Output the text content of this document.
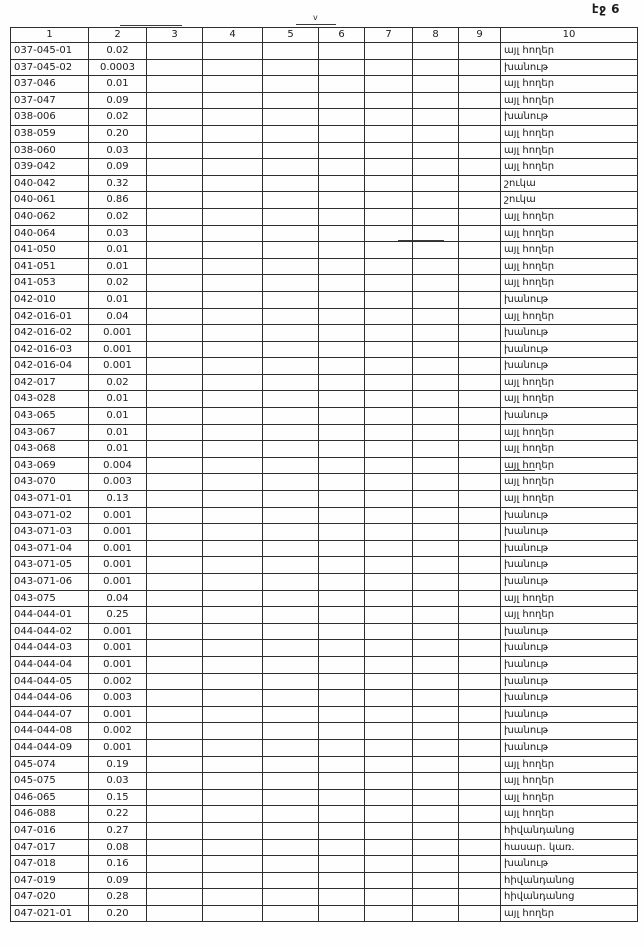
էջ 6
v
1	2	3	4	5	6	7	8	9	10
037-045-01	0.02								այլ հողեր
037-045-02	0.0003								խանութ
037-046	0.01								այլ հողեր
037-047	0.09								այլ հողեր
038-006	0.02								խանութ
038-059	0.20								այլ հողեր
038-060	0.03								այլ հողեր
039-042	0.09								այլ հողեր
040-042	0.32								շուկա
040-061	0.86								շուկա
040-062	0.02								այլ հողեր
040-064	0.03								այլ հողեր
041-050	0.01								այլ հողեր
041-051	0.01								այլ հողեր
041-053	0.02								այլ հողեր
042-010	0.01								խանութ
042-016-01	0.04								այլ հողեր
042-016-02	0.001								խանութ
042-016-03	0.001								խանութ
042-016-04	0.001								խանութ
042-017	0.02								այլ հողեր
043-028	0.01								այլ հողեր
043-065	0.01								խանութ
043-067	0.01								այլ հողեր
043-068	0.01								այլ հողեր
043-069	0.004								այլ հողեր
043-070	0.003								այլ հողեր
043-071-01	0.13								այլ հողեր
043-071-02	0.001								խանութ
043-071-03	0.001								խանութ
043-071-04	0.001								խանութ
043-071-05	0.001								խանութ
043-071-06	0.001								խանութ
043-075	0.04								այլ հողեր
044-044-01	0.25								այլ հողեր
044-044-02	0.001								խանութ
044-044-03	0.001								խանութ
044-044-04	0.001								խանութ
044-044-05	0.002								խանութ
044-044-06	0.003								խանութ
044-044-07	0.001								խանութ
044-044-08	0.002								խանութ
044-044-09	0.001								խանութ
045-074	0.19								այլ հողեր
045-075	0.03								այլ հողեր
046-065	0.15								այլ հողեր
046-088	0.22								այլ հողեր
047-016	0.27								հիվանդանոց
047-017	0.08								հասար. կառ.
047-018	0.16								խանութ
047-019	0.09								հիվանդանոց
047-020	0.28								հիվանդանոց
047-021-01	0.20								այլ հողեր
